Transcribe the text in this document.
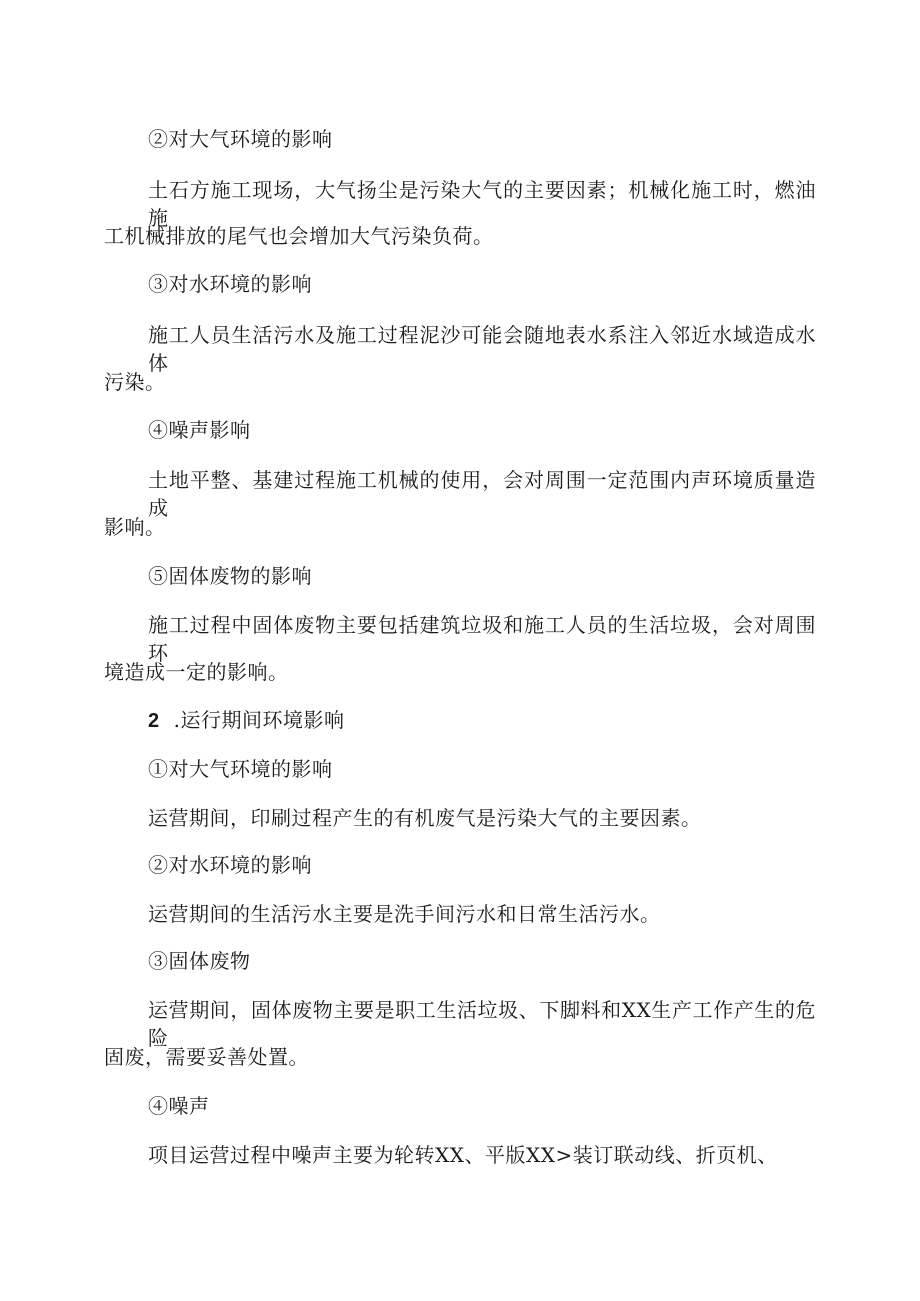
②对大气环境的影响
土石方施工现场，大气扬尘是污染大气的主要因素；机械化施工时，燃油施
工机械排放的尾气也会增加大气污染负荷。
③对水环境的影响
施工人员生活污水及施工过程泥沙可能会随地表水系注入邻近水域造成水体
污染。
④噪声影响
土地平整、基建过程施工机械的使用，会对周围一定范围内声环境质量造成
影响。
⑤固体废物的影响
施工过程中固体废物主要包括建筑垃圾和施工人员的生活垃圾，会对周围环
境造成一定的影响。
2 .运行期间环境影响
①对大气环境的影响
运营期间，印刷过程产生的有机废气是污染大气的主要因素。
②对水环境的影响
运营期间的生活污水主要是洗手间污水和日常生活污水。
③固体废物
运营期间，固体废物主要是职工生活垃圾、下脚料和XX生产工作产生的危险
固废，需要妥善处置。
④噪声
项目运营过程中噪声主要为轮转XX、平版XX>装订联动线、折页机、
